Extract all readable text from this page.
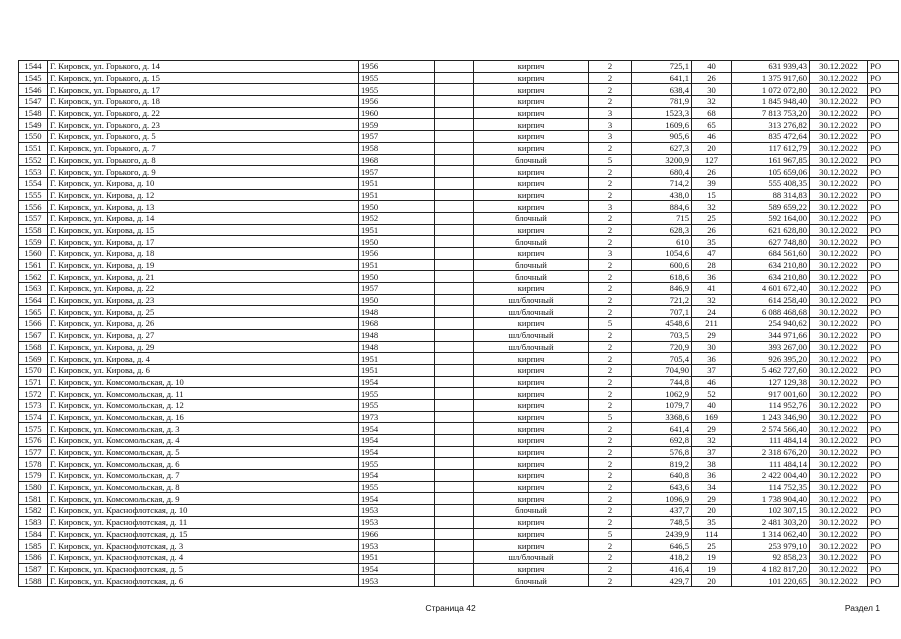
1544	Г. Кировск, ул. Горького, д. 14	1956		кирпич	2	725,1	40	631 939,43	30.12.2022	РО
1545	Г. Кировск, ул. Горького, д. 15	1955		кирпич	2	641,1	26	1 375 917,60	30.12.2022	РО
1546	Г. Кировск, ул. Горького, д. 17	1955		кирпич	2	638,4	30	1 072 072,80	30.12.2022	РО
1547	Г. Кировск, ул. Горького, д. 18	1956		кирпич	2	781,9	32	1 845 948,40	30.12.2022	РО
1548	Г. Кировск, ул. Горького, д. 22	1960		кирпич	3	1523,3	68	7 813 753,20	30.12.2022	РО
1549	Г. Кировск, ул. Горького, д. 23	1959		кирпич	3	1609,6	65	313 276,82	30.12.2022	РО
1550	Г. Кировск, ул. Горького, д. 5	1957		кирпич	3	905,6	46	835 472,64	30.12.2022	РО
1551	Г. Кировск, ул. Горького, д. 7	1958		кирпич	2	627,3	20	117 612,79	30.12.2022	РО
1552	Г. Кировск, ул. Горького, д. 8	1968		блочный	5	3200,9	127	161 967,85	30.12.2022	РО
1553	Г. Кировск, ул. Горького, д. 9	1957		кирпич	2	680,4	26	105 659,06	30.12.2022	РО
1554	Г. Кировск, ул. Кирова, д. 10	1951		кирпич	2	714,2	39	555 408,35	30.12.2022	РО
1555	Г. Кировск, ул. Кирова, д. 12	1951		кирпич	2	438,0	15	88 314,83	30.12.2022	РО
1556	Г. Кировск, ул. Кирова, д. 13	1950		кирпич	3	884,6	32	589 659,22	30.12.2022	РО
1557	Г. Кировск, ул. Кирова, д. 14	1952		блочный	2	715	25	592 164,00	30.12.2022	РО
1558	Г. Кировск, ул. Кирова, д. 15	1951		кирпич	2	628,3	26	621 628,80	30.12.2022	РО
1559	Г. Кировск, ул. Кирова, д. 17	1950		блочный	2	610	35	627 748,80	30.12.2022	РО
1560	Г. Кировск, ул. Кирова, д. 18	1956		кирпич	3	1054,6	47	684 561,60	30.12.2022	РО
1561	Г. Кировск, ул. Кирова, д. 19	1951		блочный	2	600,6	28	634 210,80	30.12.2022	РО
1562	Г. Кировск, ул. Кирова, д. 21	1950		блочный	2	618,6	36	634 210,80	30.12.2022	РО
1563	Г. Кировск, ул. Кирова, д. 22	1957		кирпич	2	846,9	41	4 601 672,40	30.12.2022	РО
1564	Г. Кировск, ул. Кирова, д. 23	1950		шл/блочный	2	721,2	32	614 258,40	30.12.2022	РО
1565	Г. Кировск, ул. Кирова, д. 25	1948		шл/блочный	2	707,1	24	6 088 468,68	30.12.2022	РО
1566	Г. Кировск, ул. Кирова, д. 26	1968		кирпич	5	4548,6	211	254 940,62	30.12.2022	РО
1567	Г. Кировск, ул. Кирова, д. 27	1948		шл/блочный	2	703,5	29	344 971,66	30.12.2022	РО
1568	Г. Кировск, ул. Кирова, д. 29	1948		шл/блочный	2	720,9	30	393 267,00	30.12.2022	РО
1569	Г. Кировск, ул. Кирова, д. 4	1951		кирпич	2	705,4	36	926 395,20	30.12.2022	РО
1570	Г. Кировск, ул. Кирова, д. 6	1951		кирпич	2	704,90	37	5 462 727,60	30.12.2022	РО
1571	Г. Кировск, ул. Комсомольская, д. 10	1954		кирпич	2	744,8	46	127 129,38	30.12.2022	РО
1572	Г. Кировск, ул. Комсомольская, д. 11	1955		кирпич	2	1062,9	52	917 001,60	30.12.2022	РО
1573	Г. Кировск, ул. Комсомольская, д. 12	1955		кирпич	2	1079,7	40	114 952,76	30.12.2022	РО
1574	Г. Кировск, ул. Комсомольская, д. 16	1973		кирпич	5	3368,6	169	1 243 346,90	30.12.2022	РО
1575	Г. Кировск, ул. Комсомольская, д. 3	1954		кирпич	2	641,4	29	2 574 566,40	30.12.2022	РО
1576	Г. Кировск, ул. Комсомольская, д. 4	1954		кирпич	2	692,8	32	111 484,14	30.12.2022	РО
1577	Г. Кировск, ул. Комсомольская, д. 5	1954		кирпич	2	576,8	37	2 318 676,20	30.12.2022	РО
1578	Г. Кировск, ул. Комсомольская, д. 6	1955		кирпич	2	819,2	38	111 484,14	30.12.2022	РО
1579	Г. Кировск, ул. Комсомольская, д. 7	1954		кирпич	2	640,8	36	2 422 004,40	30.12.2022	РО
1580	Г. Кировск, ул. Комсомольская, д. 8	1955		кирпич	2	643,6	34	114 752,35	30.12.2022	РО
1581	Г. Кировск, ул. Комсомольская, д. 9	1954		кирпич	2	1096,9	29	1 738 904,40	30.12.2022	РО
1582	Г. Кировск, ул. Краснофлотская, д. 10	1953		блочный	2	437,7	20	102 307,15	30.12.2022	РО
1583	Г. Кировск, ул. Краснофлотская, д. 11	1953		кирпич	2	748,5	35	2 481 303,20	30.12.2022	РО
1584	Г. Кировск, ул. Краснофлотская, д. 15	1966		кирпич	5	2439,9	114	1 314 062,40	30.12.2022	РО
1585	Г. Кировск, ул. Краснофлотская, д. 3	1953		кирпич	2	646,5	25	253 979,10	30.12.2022	РО
1586	Г. Кировск, ул. Краснофлотская, д. 4	1951		шл/блочный	2	418,2	19	92 858,23	30.12.2022	РО
1587	Г. Кировск, ул. Краснофлотская, д. 5	1954		кирпич	2	416,4	19	4 182 817,20	30.12.2022	РО
1588	Г. Кировск, ул. Краснофлотская, д. 6	1953		блочный	2	429,7	20	101 220,65	30.12.2022	РО
Страница 42	Раздел 1
